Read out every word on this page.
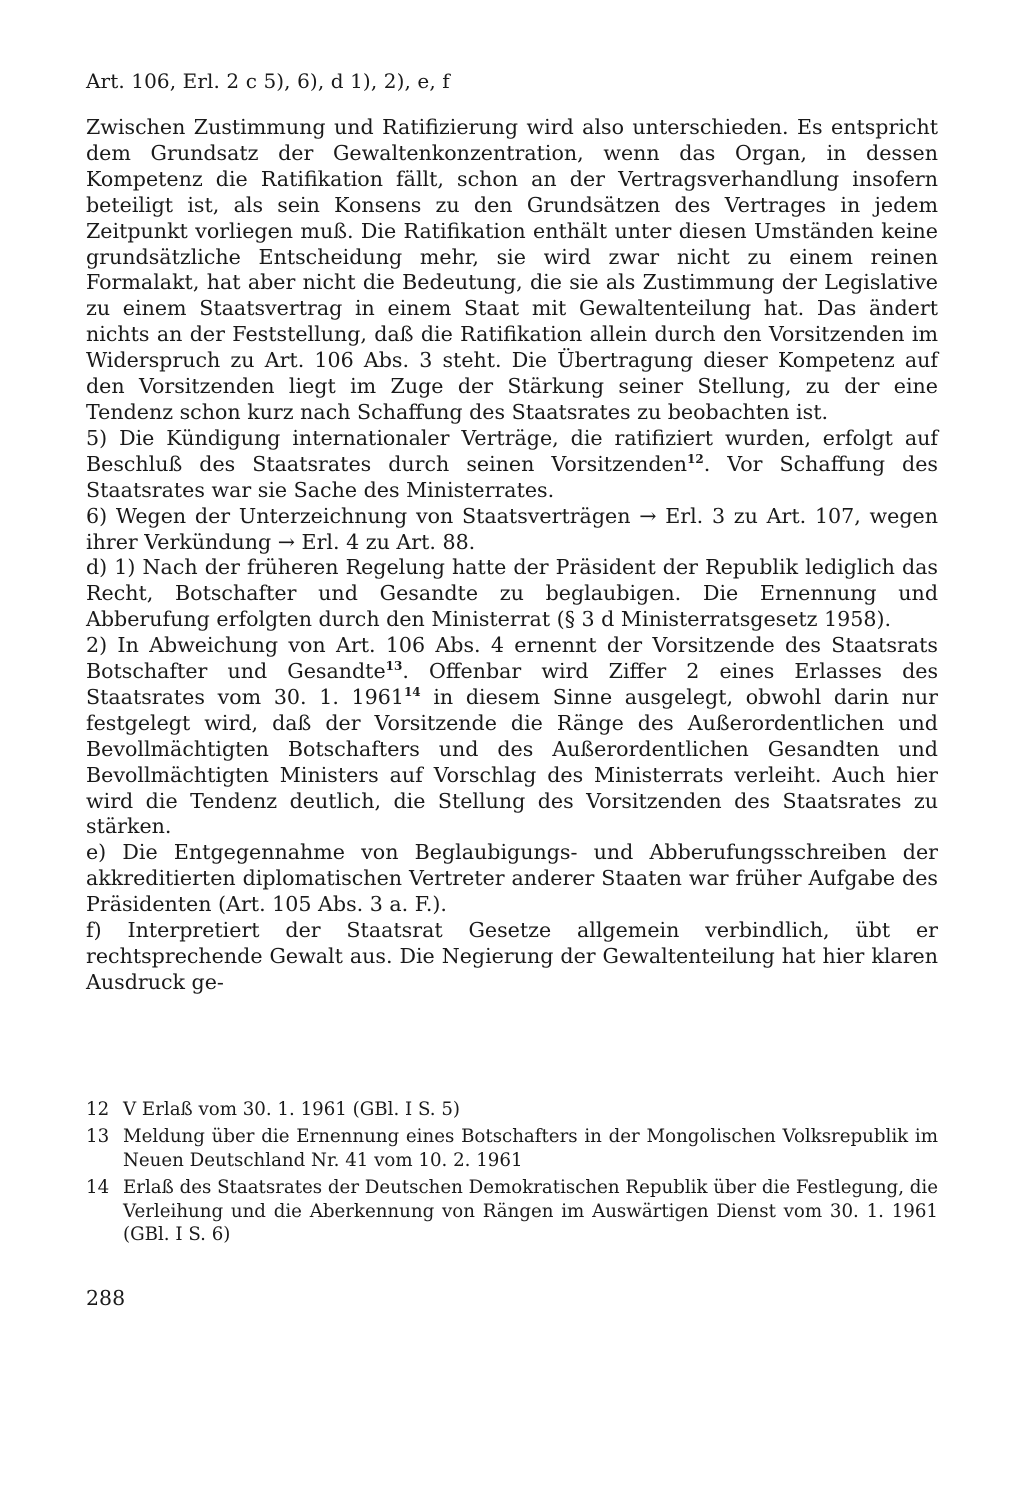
Art. 106, Erl. 2 c 5), 6), d 1), 2), e, f

Zwischen Zustimmung und Ratifizierung wird also unterschieden. Es entspricht dem Grundsatz der Gewaltenkonzentration, wenn das Organ, in dessen Kompetenz die Ratifikation fällt, schon an der Vertragsverhandlung insofern beteiligt ist, als sein Konsens zu den Grundsätzen des Vertrages in jedem Zeitpunkt vorliegen muß. Die Ratifikation enthält unter diesen Umständen keine grundsätzliche Entscheidung mehr, sie wird zwar nicht zu einem reinen Formalakt, hat aber nicht die Bedeutung, die sie als Zustimmung der Legislative zu einem Staatsvertrag in einem Staat mit Gewaltenteilung hat. Das ändert nichts an der Feststellung, daß die Ratifikation allein durch den Vorsitzenden im Widerspruch zu Art. 106 Abs. 3 steht. Die Übertragung dieser Kompetenz auf den Vorsitzenden liegt im Zuge der Stärkung seiner Stellung, zu der eine Tendenz schon kurz nach Schaffung des Staatsrates zu beobachten ist.

5) Die Kündigung internationaler Verträge, die ratifiziert wurden, erfolgt auf Beschluß des Staatsrates durch seinen Vorsitzenden$^{12}$. Vor Schaffung des Staatsrates war sie Sache des Ministerrates.

6) Wegen der Unterzeichnung von Staatsverträgen → Erl. 3 zu Art. 107, wegen ihrer Verkündung → Erl. 4 zu Art. 88.

d) 1) Nach der früheren Regelung hatte der Präsident der Republik lediglich das Recht, Botschafter und Gesandte zu beglaubigen. Die Ernennung und Abberufung erfolgten durch den Ministerrat (§ 3 d Ministerratsgesetz 1958).

2) In Abweichung von Art. 106 Abs. 4 ernennt der Vorsitzende des Staatsrats Botschafter und Gesandte$^{13}$. Offenbar wird Ziffer 2 eines Erlasses des Staatsrates vom 30. 1. 1961$^{14}$ in diesem Sinne ausgelegt, obwohl darin nur festgelegt wird, daß der Vorsitzende die Ränge des Außerordentlichen und Bevollmächtigten Botschafters und des Außerordentlichen Gesandten und Bevollmächtigten Ministers auf Vorschlag des Ministerrats verleiht. Auch hier wird die Tendenz deutlich, die Stellung des Vorsitzenden des Staatsrates zu stärken.

e) Die Entgegennahme von Beglaubigungs- und Abberufungsschreiben der akkreditierten diplomatischen Vertreter anderer Staaten war früher Aufgabe des Präsidenten (Art. 105 Abs. 3 a. F.).

f) Interpretiert der Staatsrat Gesetze allgemein verbindlich, übt er rechtsprechende Gewalt aus. Die Negierung der Gewaltenteilung hat hier klaren Ausdruck ge-

12 V Erlaß vom 30. 1. 1961 (GBl. I S. 5)
13 Meldung über die Ernennung eines Botschafters in der Mongolischen Volksrepublik im Neuen Deutschland Nr. 41 vom 10. 2. 1961
14 Erlaß des Staatsrates der Deutschen Demokratischen Republik über die Festlegung, die Verleihung und die Aberkennung von Rängen im Auswärtigen Dienst vom 30. 1. 1961 (GBl. I S. 6)
288
